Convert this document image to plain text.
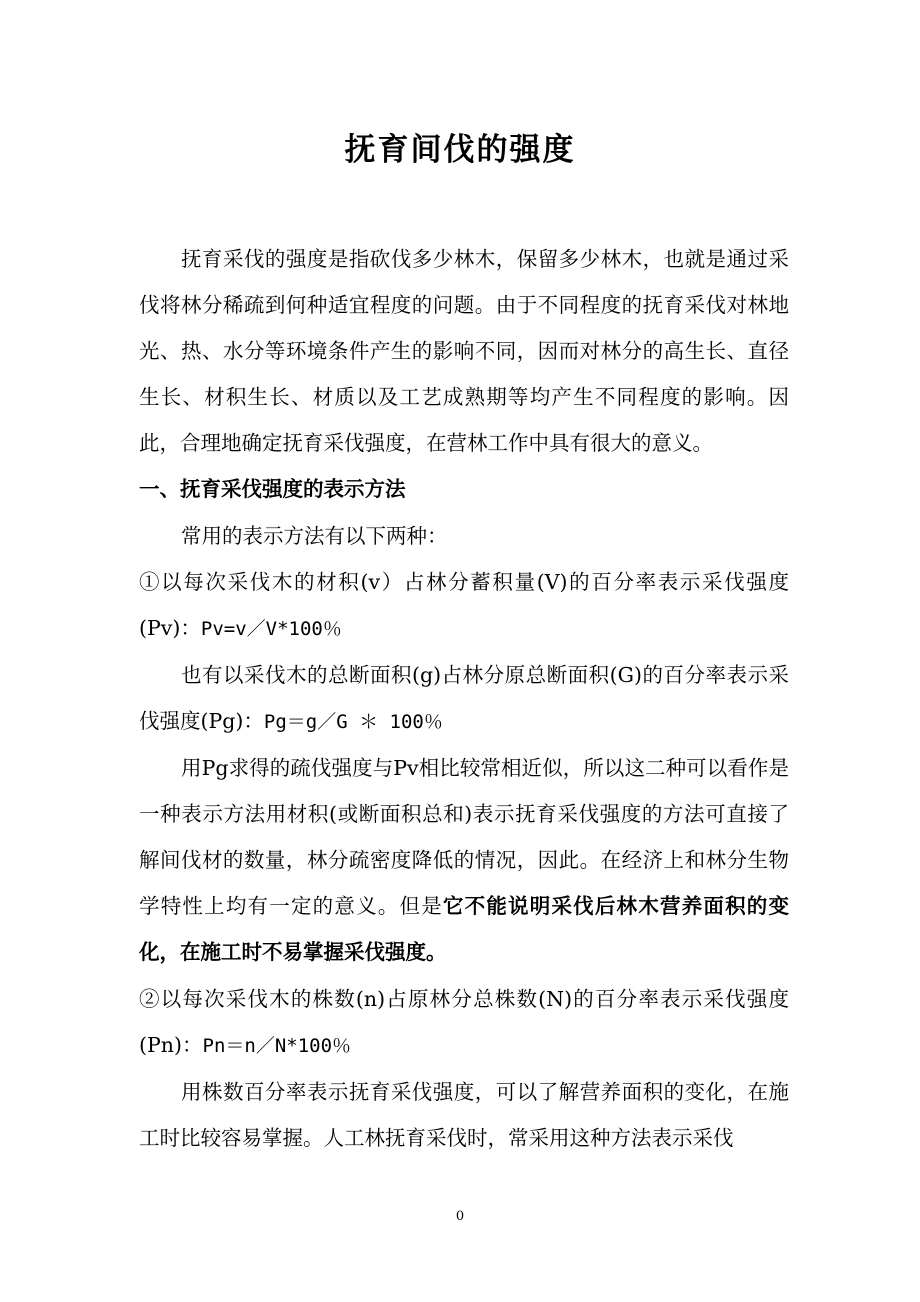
抚育间伐的强度

抚育采伐的强度是指砍伐多少林木，保留多少林木，也就是通过采伐将林分稀疏到何种适宜程度的问题。由于不同程度的抚育采伐对林地光、热、水分等环境条件产生的影响不同，因而对林分的高生长、直径生长、材积生长、材质以及工艺成熟期等均产生不同程度的影响。因此，合理地确定抚育采伐强度，在营林工作中具有很大的意义。

一、抚育采伐强度的表示方法

常用的表示方法有以下两种：

①以每次采伐木的材积(v）占林分蓄积量(V)的百分率表示采伐强度(Pv)：Pv=v／V*100％

也有以采伐木的总断面积(g)占林分原总断面积(G)的百分率表示采伐强度(Pg)：Pg＝g／G ＊ 100％

用Pg求得的疏伐强度与Pv相比较常相近似，所以这二种可以看作是一种表示方法用材积(或断面积总和)表示抚育采伐强度的方法可直接了解间伐材的数量，林分疏密度降低的情况，因此。在经济上和林分生物学特性上均有一定的意义。但是它不能说明采伐后林木营养面积的变化，在施工时不易掌握采伐强度。

②以每次采伐木的株数(n)占原林分总株数(N)的百分率表示采伐强度(Pn)：Pn＝n／N*100％

用株数百分率表示抚育采伐强度，可以了解营养面积的变化，在施工时比较容易掌握。人工林抚育采伐时，常采用这种方法表示采伐

0
